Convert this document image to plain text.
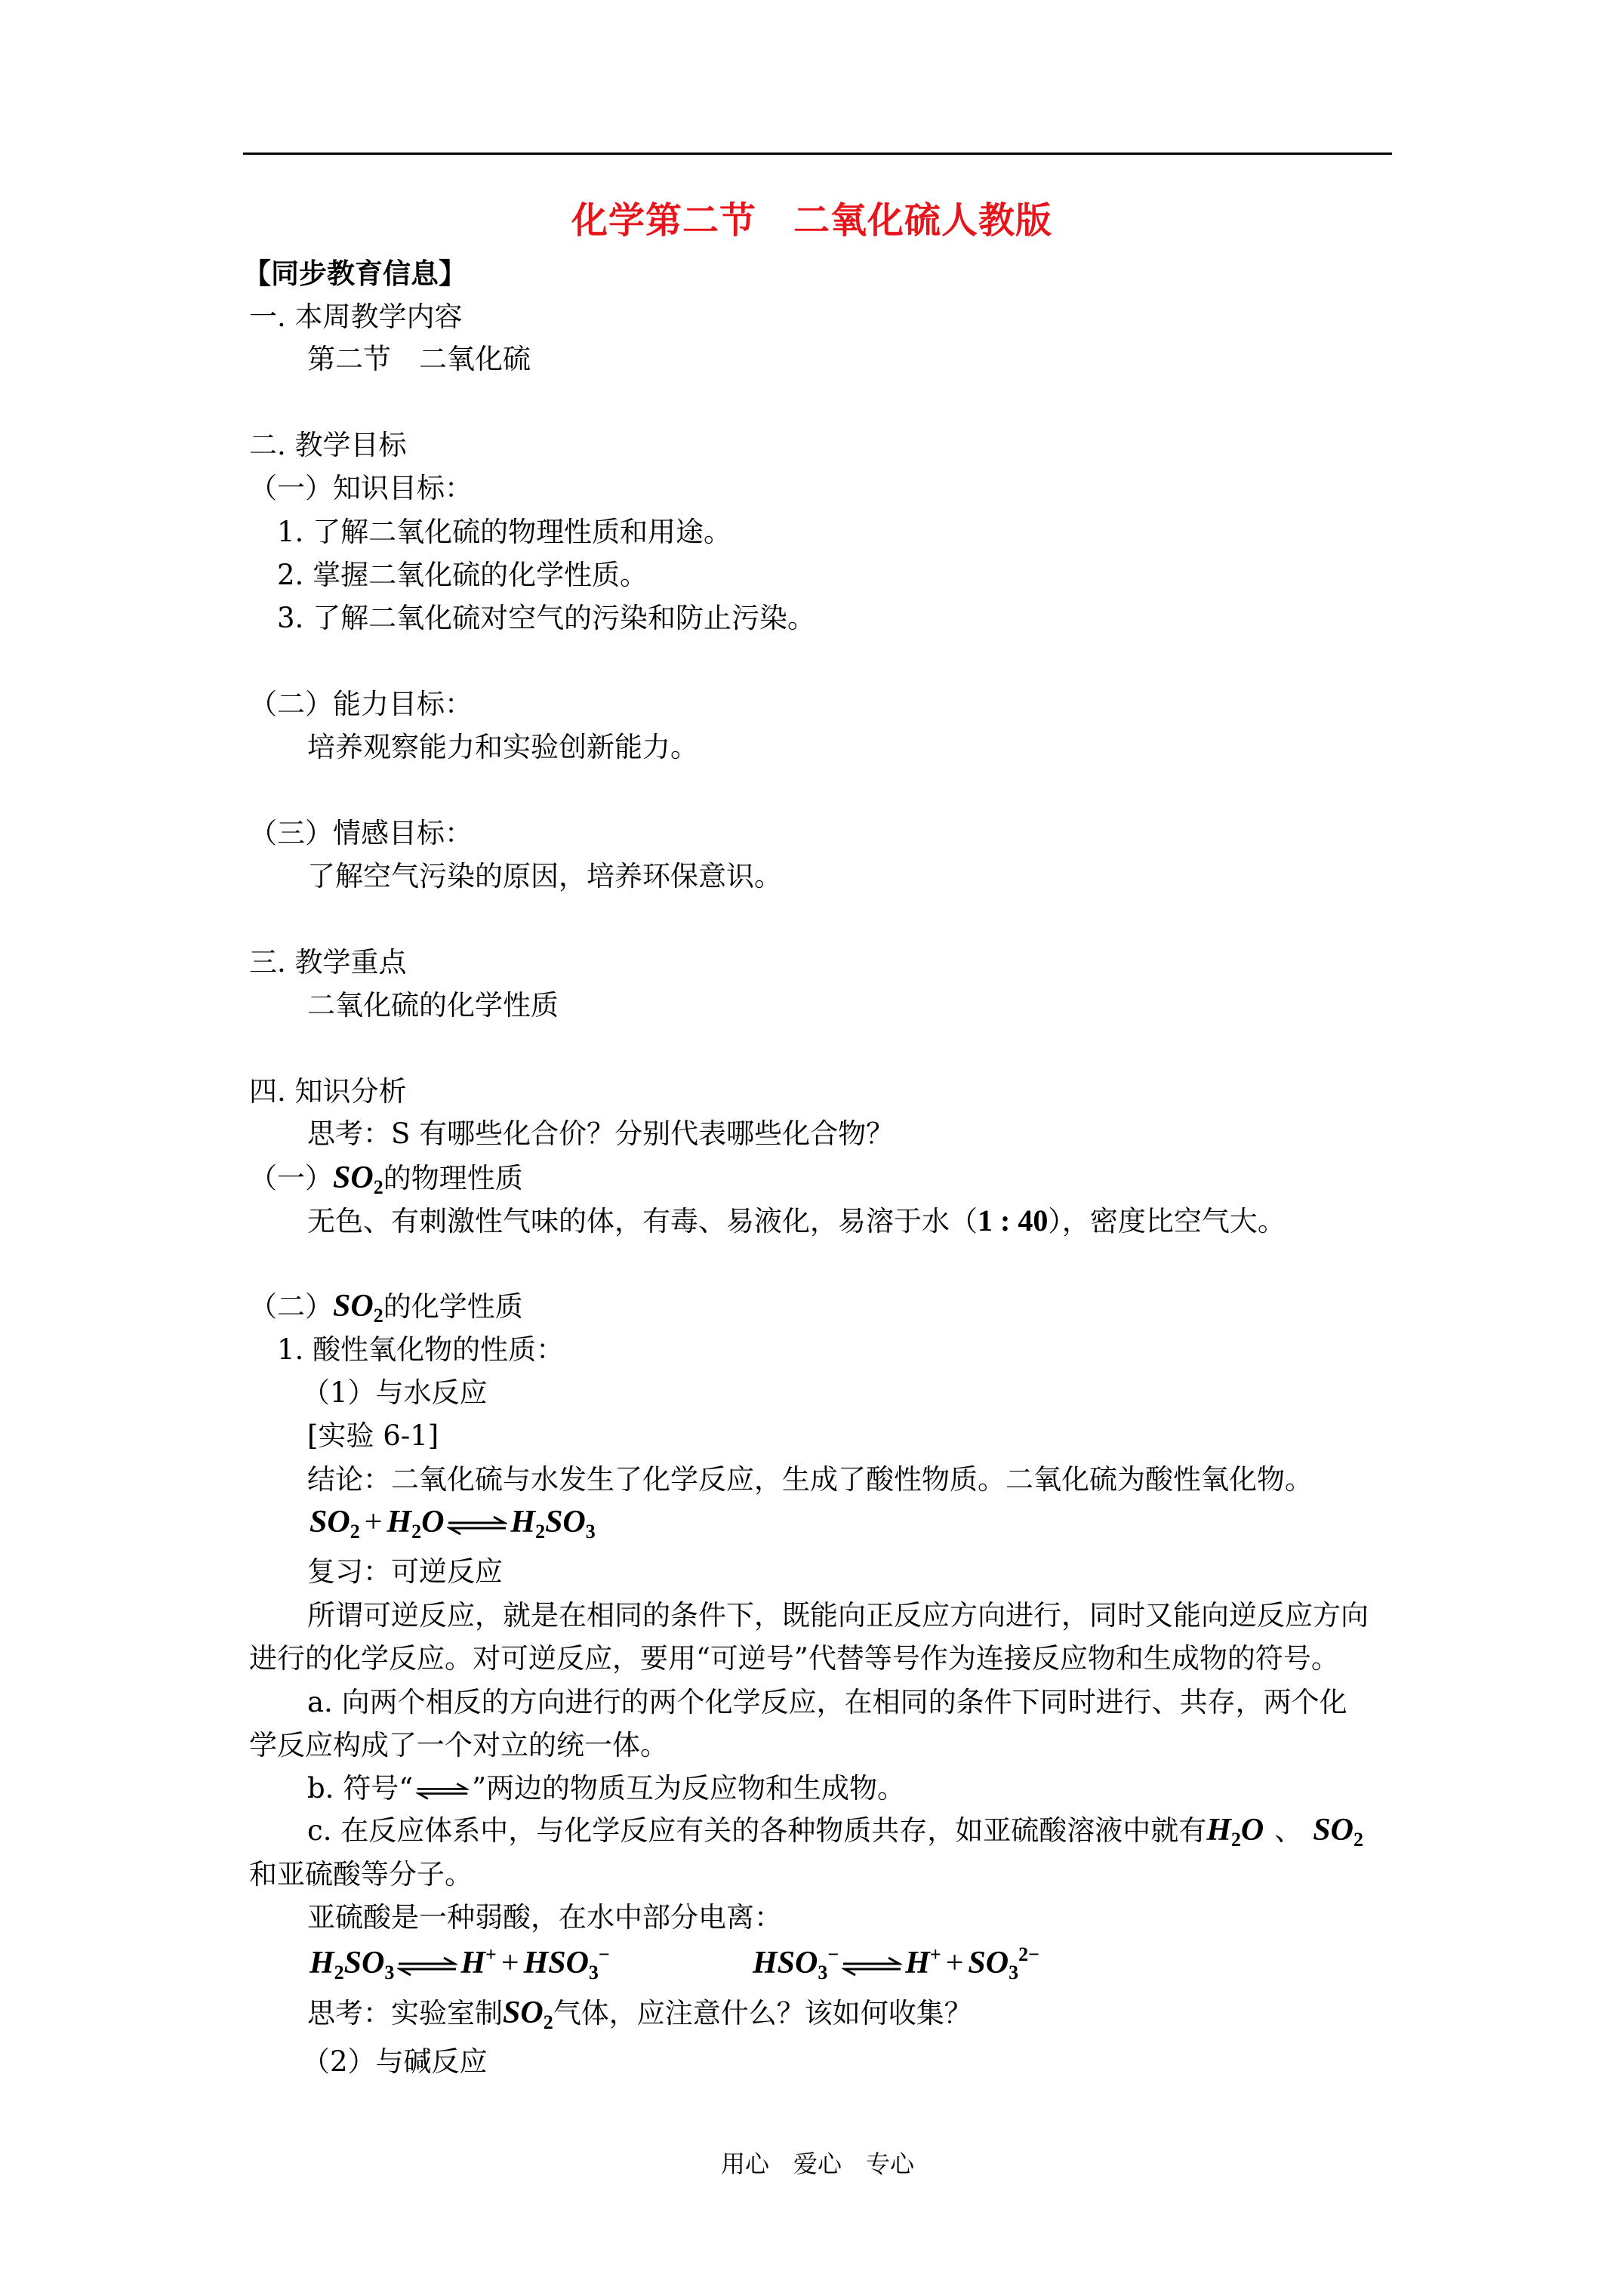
化学第二节　二氧化硫人教版
【同步教育信息】
一. 本周教学内容
第二节　二氧化硫
二. 教学目标
（一）知识目标：
1. 了解二氧化硫的物理性质和用途。
2. 掌握二氧化硫的化学性质。
3. 了解二氧化硫对空气的污染和防止污染。
（二）能力目标：
培养观察能力和实验创新能力。
（三）情感目标：
了解空气污染的原因，培养环保意识。
三. 教学重点
二氧化硫的化学性质
四. 知识分析
思考：S 有哪些化合价？分别代表哪些化合物？
（一）$SO_2$的物理性质
无色、有刺激性气味的体，有毒、易液化，易溶于水（1 : 40），密度比空气大。
（二）$SO_2$的化学性质
1. 酸性氧化物的性质：
（1）与水反应
[实验 6-1]
结论：二氧化硫与水发生了化学反应，生成了酸性物质。二氧化硫为酸性氧化物。
$SO_2 + H_2O$ ⇌ $H_2SO_3$
复习：可逆反应
所谓可逆反应，就是在相同的条件下，既能向正反应方向进行，同时又能向逆反应方向
进行的化学反应。对可逆反应，要用“可逆号”代替等号作为连接反应物和生成物的符号。
a. 向两个相反的方向进行的两个化学反应，在相同的条件下同时进行、共存，两个化
学反应构成了一个对立的统一体。
b. 符号“ ⇌ ”两边的物质互为反应物和生成物。
c. 在反应体系中，与化学反应有关的各种物质共存，如亚硫酸溶液中就有$H_2O$ 、 $SO_2$
和亚硫酸等分子。
亚硫酸是一种弱酸，在水中部分电离：
$H_2SO_3$ ⇌ $H^+ + HSO_3^-$	$HSO_3^-$ ⇌ $H^+ + SO_3^{2-}$
思考：实验室制$SO_2$气体，应注意什么？该如何收集？
（2）与碱反应
用心　爱心　专心
